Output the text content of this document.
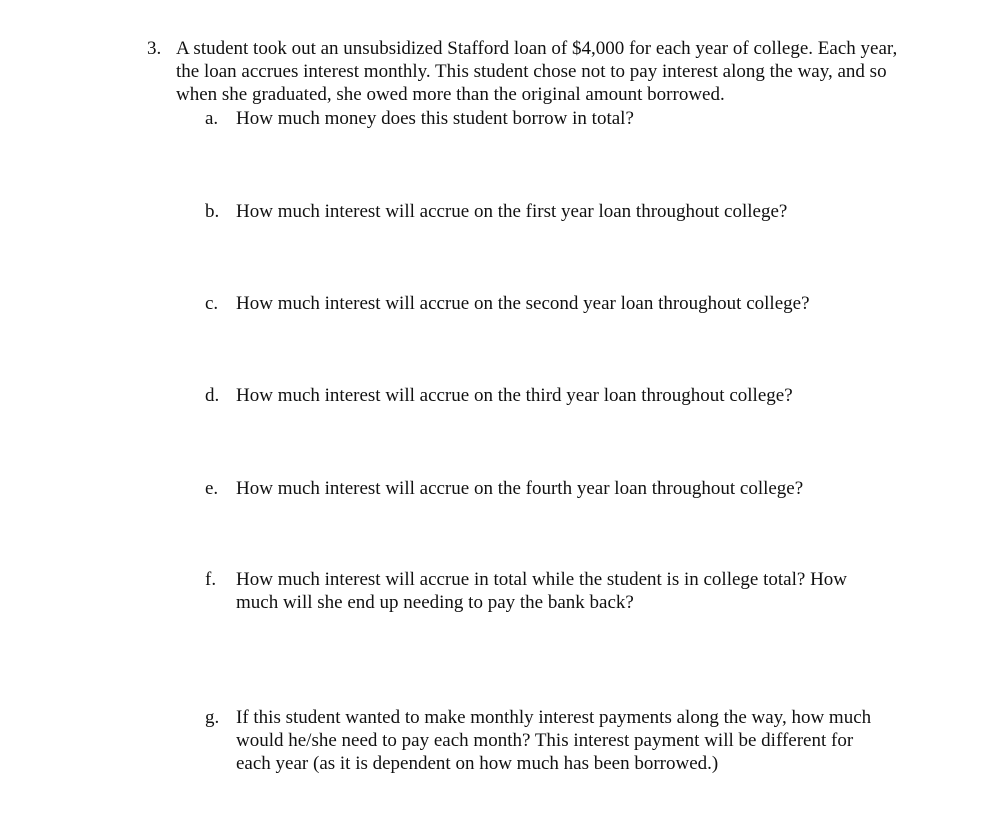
3. A student took out an unsubsidized Stafford loan of $4,000 for each year of college. Each year, the loan accrues interest monthly. This student chose not to pay interest along the way, and so when she graduated, she owed more than the original amount borrowed.
a. How much money does this student borrow in total?
b. How much interest will accrue on the first year loan throughout college?
c. How much interest will accrue on the second year loan throughout college?
d. How much interest will accrue on the third year loan throughout college?
e. How much interest will accrue on the fourth year loan throughout college?
f. How much interest will accrue in total while the student is in college total? How much will she end up needing to pay the bank back?
g. If this student wanted to make monthly interest payments along the way, how much would he/she need to pay each month? This interest payment will be different for each year (as it is dependent on how much has been borrowed.)
